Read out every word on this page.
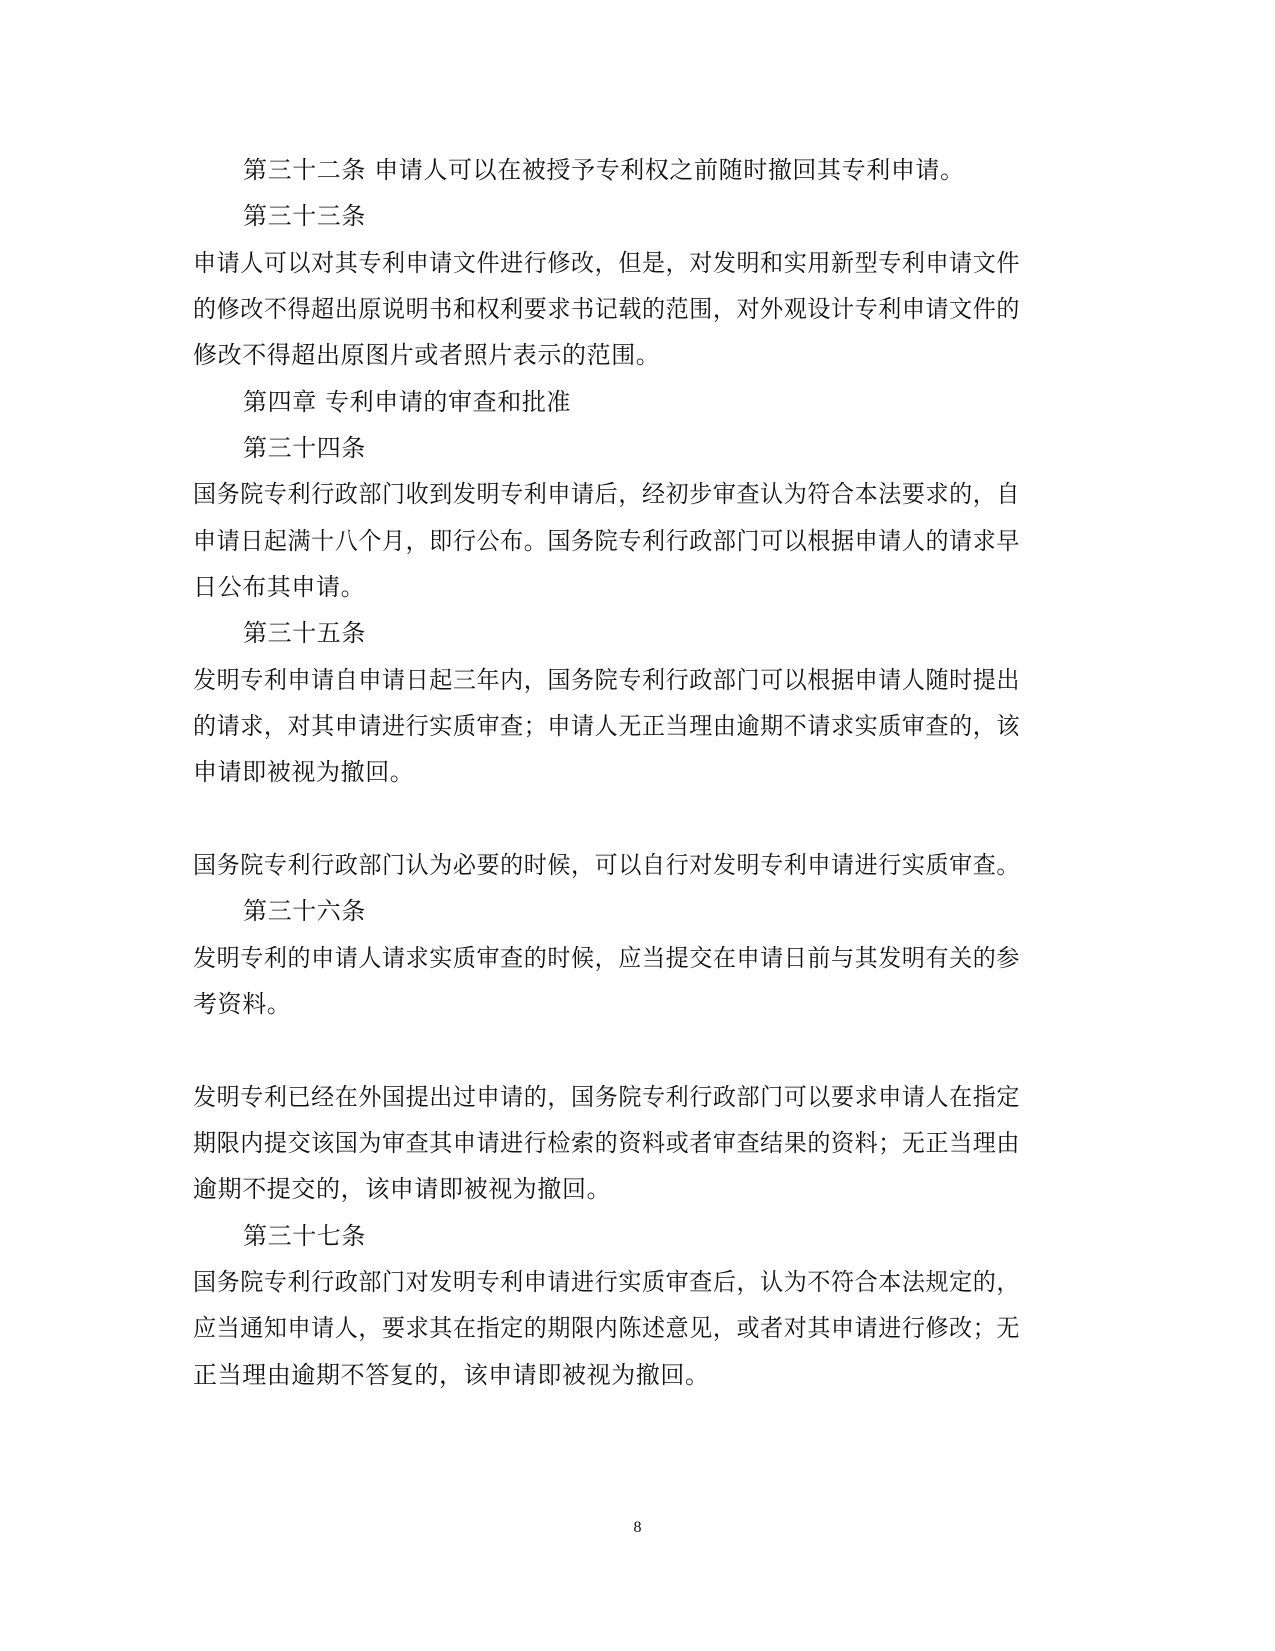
第三十二条 申请人可以在被授予专利权之前随时撤回其专利申请。
第三十三条
申请人可以对其专利申请文件进行修改，但是，对发明和实用新型专利申请文件
的修改不得超出原说明书和权利要求书记载的范围，对外观设计专利申请文件的
修改不得超出原图片或者照片表示的范围。
第四章 专利申请的审查和批准
第三十四条
国务院专利行政部门收到发明专利申请后，经初步审查认为符合本法要求的，自
申请日起满十八个月，即行公布。国务院专利行政部门可以根据申请人的请求早
日公布其申请。
第三十五条
发明专利申请自申请日起三年内，国务院专利行政部门可以根据申请人随时提出
的请求，对其申请进行实质审查；申请人无正当理由逾期不请求实质审查的，该
申请即被视为撤回。
国务院专利行政部门认为必要的时候，可以自行对发明专利申请进行实质审查。
第三十六条
发明专利的申请人请求实质审查的时候，应当提交在申请日前与其发明有关的参
考资料。
发明专利已经在外国提出过申请的，国务院专利行政部门可以要求申请人在指定
期限内提交该国为审查其申请进行检索的资料或者审查结果的资料；无正当理由
逾期不提交的，该申请即被视为撤回。
第三十七条
国务院专利行政部门对发明专利申请进行实质审查后，认为不符合本法规定的，
应当通知申请人，要求其在指定的期限内陈述意见，或者对其申请进行修改；无
正当理由逾期不答复的，该申请即被视为撤回。
8
